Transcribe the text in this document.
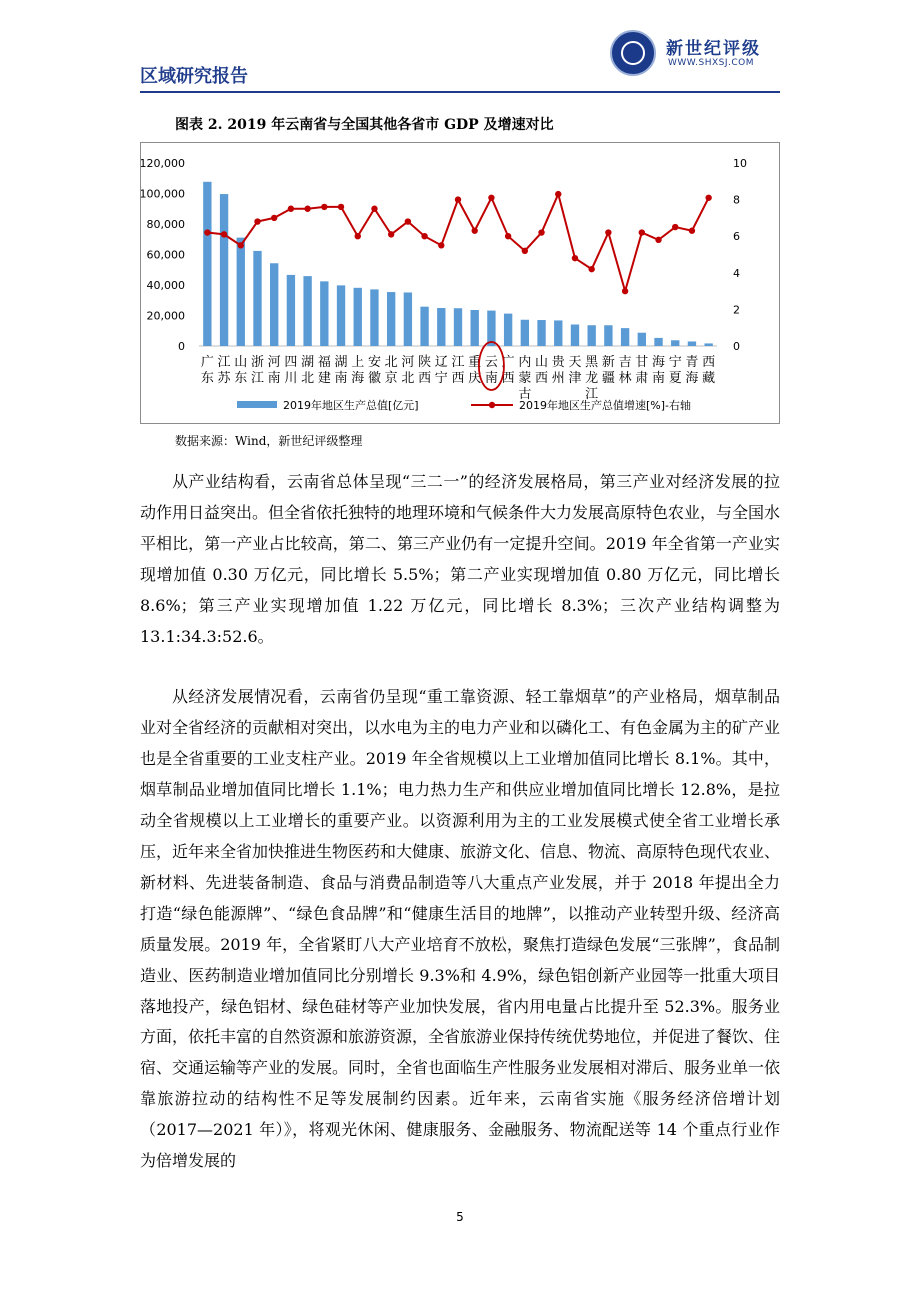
区域研究报告
新世纪评级
WWW.SHXSJ.COM
图表 2. 2019 年云南省与全国其他各省市 GDP 及增速对比
0
20,000
40,000
60,000
80,000
100,000
120,000
0
2
4
6
8
10
广东
江苏
山东
浙江
河南
四川
湖北
福建
湖南
上海
安徽
北京
河北
陕西
辽宁
江西
重庆
云南
广西
内蒙古
山西
贵州
天津
黑龙江
新疆
吉林
甘肃
海南
宁夏
青海
西藏
2019年地区生产总值[亿元]	2019年地区生产总值增速[%]-右轴
数据来源：Wind，新世纪评级整理

从产业结构看，云南省总体呈现“三二一”的经济发展格局，第三产业对经济发展的拉动作用日益突出。但全省依托独特的地理环境和气候条件大力发展高原特色农业，与全国水平相比，第一产业占比较高，第二、第三产业仍有一定提升空间。2019 年全省第一产业实现增加值 0.30 万亿元，同比增长 5.5%；第二产业实现增加值 0.80 万亿元，同比增长 8.6%；第三产业实现增加值 1.22 万亿元，同比增长 8.3%；三次产业结构调整为 13.1:34.3:52.6。

从经济发展情况看，云南省仍呈现“重工靠资源、轻工靠烟草”的产业格局，烟草制品业对全省经济的贡献相对突出，以水电为主的电力产业和以磷化工、有色金属为主的矿产业也是全省重要的工业支柱产业。2019 年全省规模以上工业增加值同比增长 8.1%。其中，烟草制品业增加值同比增长 1.1%；电力热力生产和供应业增加值同比增长 12.8%，是拉动全省规模以上工业增长的重要产业。以资源利用为主的工业发展模式使全省工业增长承压，近年来全省加快推进生物医药和大健康、旅游文化、信息、物流、高原特色现代农业、新材料、先进装备制造、食品与消费品制造等八大重点产业发展，并于 2018 年提出全力打造“绿色能源牌”、“绿色食品牌”和“健康生活目的地牌”，以推动产业转型升级、经济高质量发展。2019 年，全省紧盯八大产业培育不放松，聚焦打造绿色发展“三张牌”，食品制造业、医药制造业增加值同比分别增长 9.3%和 4.9%，绿色铝创新产业园等一批重大项目落地投产，绿色铝材、绿色硅材等产业加快发展，省内用电量占比提升至 52.3%。服务业方面，依托丰富的自然资源和旅游资源，全省旅游业保持传统优势地位，并促进了餐饮、住宿、交通运输等产业的发展。同时，全省也面临生产性服务业发展相对滞后、服务业单一依靠旅游拉动的结构性不足等发展制约因素。近年来，云南省实施《服务经济倍增计划（2017—2021 年）》，将观光休闲、健康服务、金融服务、物流配送等 14 个重点行业作为倍增发展的

5
